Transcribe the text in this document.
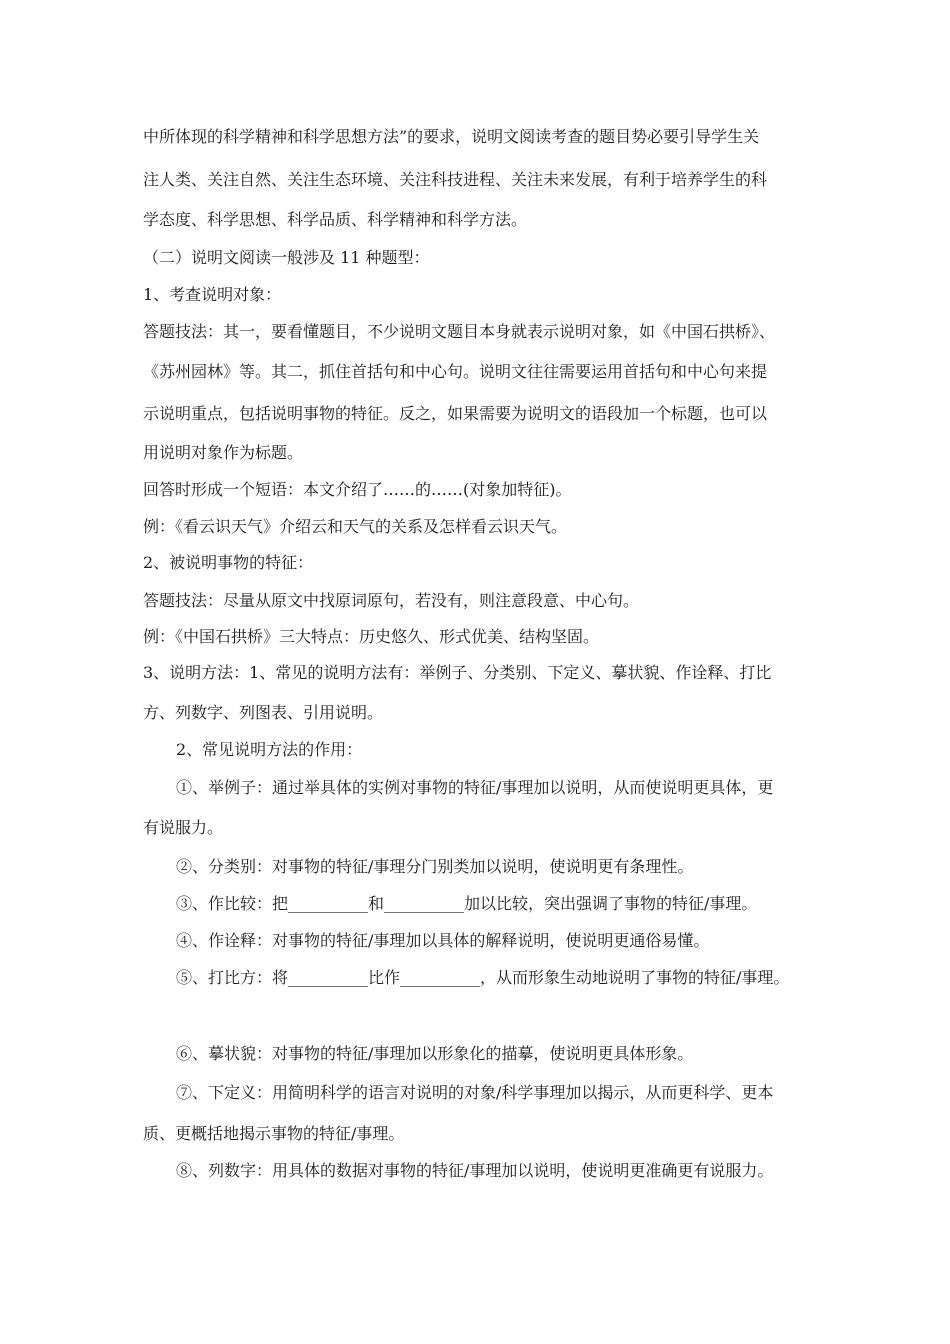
中所体现的科学精神和科学思想方法”的要求，说明文阅读考查的题目势必要引导学生关
注人类、关注自然、关注生态环境、关注科技进程、关注未来发展，有利于培养学生的科
学态度、科学思想、科学品质、科学精神和科学方法。
（二）说明文阅读一般涉及 11 种题型：
1、考查说明对象：
答题技法：其一，要看懂题目，不少说明文题目本身就表示说明对象，如《中国石拱桥》、
《苏州园林》等。其二，抓住首括句和中心句。说明文往往需要运用首括句和中心句来提
示说明重点，包括说明事物的特征。反之，如果需要为说明文的语段加一个标题，也可以
用说明对象作为标题。
回答时形成一个短语：本文介绍了……的……(对象加特征)。
例：《看云识天气》介绍云和天气的关系及怎样看云识天气。
2、被说明事物的特征：
答题技法：尽量从原文中找原词原句，若没有，则注意段意、中心句。
例：《中国石拱桥》三大特点：历史悠久、形式优美、结构坚固。
3、说明方法：1、常见的说明方法有：举例子、分类别、下定义、摹状貌、作诠释、打比
方、列数字、列图表、引用说明。
2、常见说明方法的作用：
①、举例子：通过举具体的实例对事物的特征/事理加以说明，从而使说明更具体，更
有说服力。
②、分类别：对事物的特征/事理分门别类加以说明，使说明更有条理性。
③、作比较：把__________和__________加以比较，突出强调了事物的特征/事理。
④、作诠释：对事物的特征/事理加以具体的解释说明，使说明更通俗易懂。
⑤、打比方：将__________比作__________，从而形象生动地说明了事物的特征/事理。
⑥、摹状貌：对事物的特征/事理加以形象化的描摹，使说明更具体形象。
⑦、下定义：用简明科学的语言对说明的对象/科学事理加以揭示，从而更科学、更本
质、更概括地揭示事物的特征/事理。
⑧、列数字：用具体的数据对事物的特征/事理加以说明，使说明更准确更有说服力。
